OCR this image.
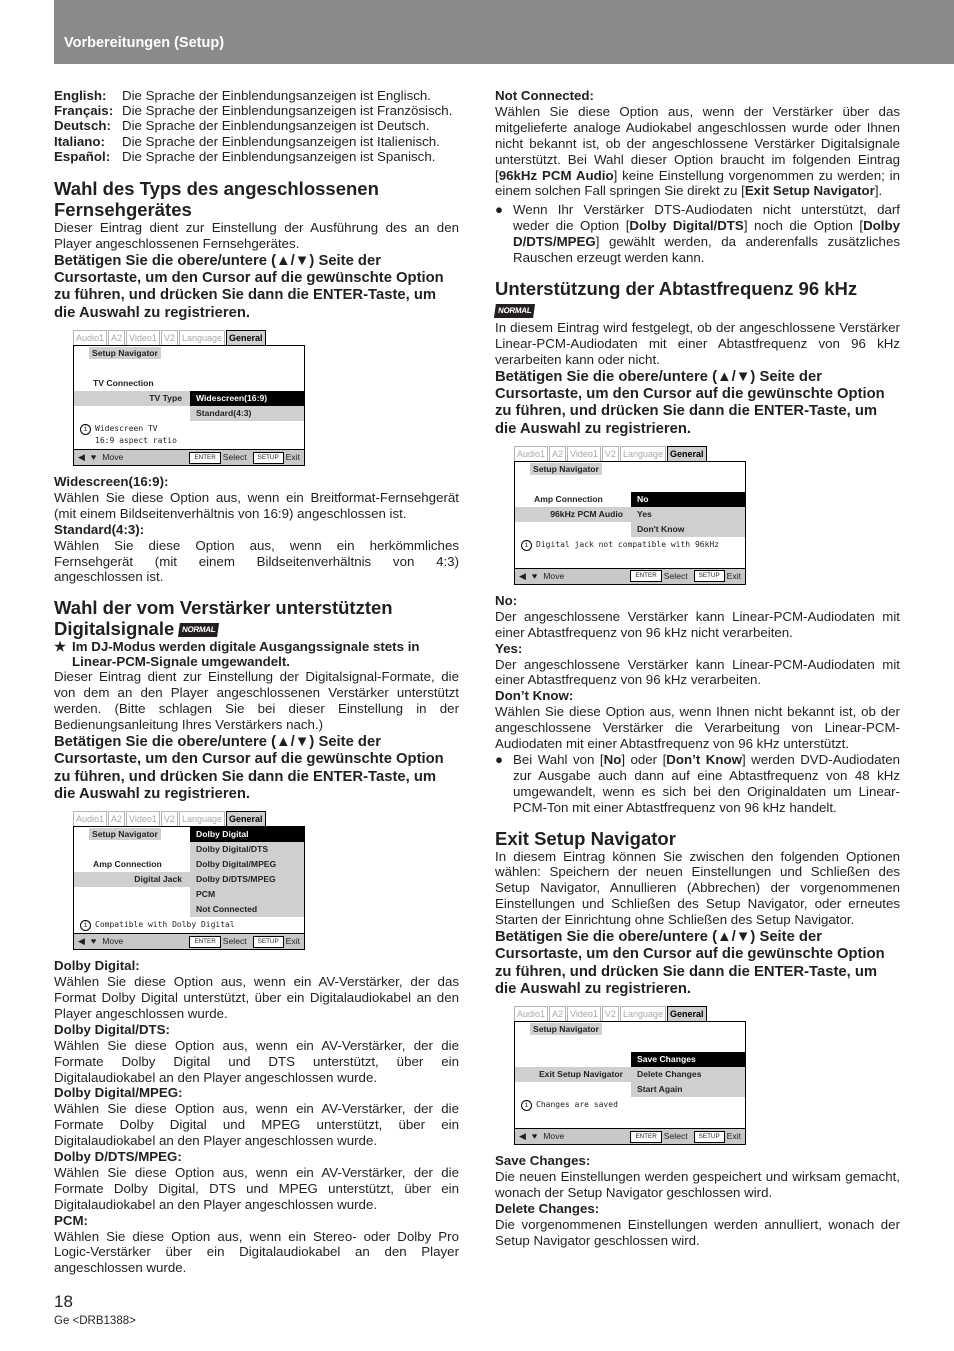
Vorbereitungen (Setup)
English:	Die Sprache der Einblendungsanzeigen ist Englisch.
Français: Die Sprache der Einblendungsanzeigen ist Französisch.
Deutsch: Die Sprache der Einblendungsanzeigen ist Deutsch.
Italiano:	Die Sprache der Einblendungsanzeigen ist Italienisch.
Español: Die Sprache der Einblendungsanzeigen ist Spanisch.
Wahl des Typs des angeschlossenen Fernsehgerätes

Dieser Eintrag dient zur Einstellung der Ausführung des an den Player angeschlossenen Fernsehgerätes.

Betätigen Sie die obere/untere (▲/▼) Seite der Cursortaste, um den Cursor auf die gewünschte Option zu führen, und drücken Sie dann die ENTER-Taste, um die Auswahl zu registrieren.

Audio1 A2 Video1 V2 Language General
Setup Navigator
TV Connection
TV Type	Widescreen(16:9)
Standard(4:3)
i Widescreen TV
16:9 aspect ratio
◀ ♥ Move	ENTER Select	SETUP Exit
Widescreen(16:9):

Wählen Sie diese Option aus, wenn ein Breitformat-Fernsehgerät (mit einem Bildseitenverhältnis von 16:9) angeschlossen ist.

Standard(4:3):

Wählen Sie diese Option aus, wenn ein herkömmliches Fernsehgerät (mit einem Bildseitenverhältnis von 4:3) angeschlossen ist.

Wahl der vom Verstärker unterstützten Digitalsignale NORMAL
★ Im DJ-Modus werden digitale Ausgangssignale stets in Linear-PCM-Signale umgewandelt.

Dieser Eintrag dient zur Einstellung der Digitalsignal-Formate, die von dem an den Player angeschlossenen Verstärker unterstützt werden. (Bitte schlagen Sie bei dieser Einstellung in der Bedienungsanleitung Ihres Verstärkers nach.)

Betätigen Sie die obere/untere (▲/▼) Seite der Cursortaste, um den Cursor auf die gewünschte Option zu führen, und drücken Sie dann die ENTER-Taste, um die Auswahl zu registrieren.

Audio1 A2 Video1 V2 Language General
Setup Navigator	Dolby Digital
Dolby Digital/DTS
Amp Connection	Dolby Digital/MPEG
Digital Jack	Dolby D/DTS/MPEG
PCM
Not Connected
i Compatible with Dolby Digital
◀ ♥ Move	ENTER Select	SETUP Exit
Dolby Digital:

Wählen Sie diese Option aus, wenn ein AV-Verstärker, der das Format Dolby Digital unterstützt, über ein Digitalaudiokabel an den Player angeschlossen wurde.

Dolby Digital/DTS:

Wählen Sie diese Option aus, wenn ein AV-Verstärker, der die Formate Dolby Digital und DTS unterstützt, über ein Digitalaudiokabel an den Player angeschlossen wurde.

Dolby Digital/MPEG:

Wählen Sie diese Option aus, wenn ein AV-Verstärker, der die Formate Dolby Digital und MPEG unterstützt, über ein Digitalaudiokabel an den Player angeschlossen wurde.

Dolby D/DTS/MPEG:

Wählen Sie diese Option aus, wenn ein AV-Verstärker, der die Formate Dolby Digital, DTS und MPEG unterstützt, über ein Digitalaudiokabel an den Player angeschlossen wurde.

PCM:

Wählen Sie diese Option aus, wenn ein Stereo- oder Dolby Pro Logic-Verstärker über ein Digitalaudiokabel an den Player angeschlossen wurde.

Not Connected:

Wählen Sie diese Option aus, wenn der Verstärker über das mitgelieferte analoge Audiokabel angeschlossen wurde oder Ihnen nicht bekannt ist, ob der angeschlossene Verstärker Digitalsignale unterstützt. Bei Wahl dieser Option braucht im folgenden Eintrag [96kHz PCM Audio] keine Einstellung vorgenommen zu werden; in einem solchen Fall springen Sie direkt zu [Exit Setup Navigator].

● Wenn Ihr Verstärker DTS-Audiodaten nicht unterstützt, darf weder die Option [Dolby Digital/DTS] noch die Option [Dolby D/DTS/MPEG] gewählt werden, da anderenfalls zusätzliches Rauschen erzeugt werden kann.
Unterstützung der Abtastfrequenz 96 kHz NORMAL

In diesem Eintrag wird festgelegt, ob der angeschlossene Verstärker Linear-PCM-Audiodaten mit einer Abtastfrequenz von 96 kHz verarbeiten kann oder nicht.

Betätigen Sie die obere/untere (▲/▼) Seite der Cursortaste, um den Cursor auf die gewünschte Option zu führen, und drücken Sie dann die ENTER-Taste, um die Auswahl zu registrieren.

Audio1 A2 Video1 V2 Language General
Setup Navigator
Amp Connection	No
96kHz PCM Audio	Yes
Don't Know
i Digital jack not compatible with 96kHz
◀ ♥ Move	ENTER Select	SETUP Exit
No:

Der angeschlossene Verstärker kann Linear-PCM-Audiodaten mit einer Abtastfrequenz von 96 kHz nicht verarbeiten.

Yes:

Der angeschlossene Verstärker kann Linear-PCM-Audiodaten mit einer Abtastfrequenz von 96 kHz verarbeiten.

Don’t Know:

Wählen Sie diese Option aus, wenn Ihnen nicht bekannt ist, ob der angeschlossene Verstärker die Verarbeitung von Linear-PCM-Audiodaten mit einer Abtastfrequenz von 96 kHz unterstützt.

● Bei Wahl von [No] oder [Don’t Know] werden DVD-Audiodaten zur Ausgabe auch dann auf eine Abtastfrequenz von 48 kHz umgewandelt, wenn es sich bei den Originaldaten um Linear-PCM-Ton mit einer Abtastfrequenz von 96 kHz handelt.
Exit Setup Navigator

In diesem Eintrag können Sie zwischen den folgenden Optionen wählen: Speichern der neuen Einstellungen und Schließen des Setup Navigator, Annullieren (Abbrechen) der vorgenommenen Einstellungen und Schließen des Setup Navigator, oder erneutes Starten der Einrichtung ohne Schließen des Setup Navigator.

Betätigen Sie die obere/untere (▲/▼) Seite der Cursortaste, um den Cursor auf die gewünschte Option zu führen, und drücken Sie dann die ENTER-Taste, um die Auswahl zu registrieren.

Audio1 A2 Video1 V2 Language General
Setup Navigator
Save Changes
Exit Setup Navigator	Delete Changes
Start Again
i Changes are saved
◀ ♥ Move	ENTER Select	SETUP Exit
Save Changes:

Die neuen Einstellungen werden gespeichert und wirksam gemacht, wonach der Setup Navigator geschlossen wird.

Delete Changes:

Die vorgenommenen Einstellungen werden annulliert, wonach der Setup Navigator geschlossen wird.

18
Ge <DRB1388>
